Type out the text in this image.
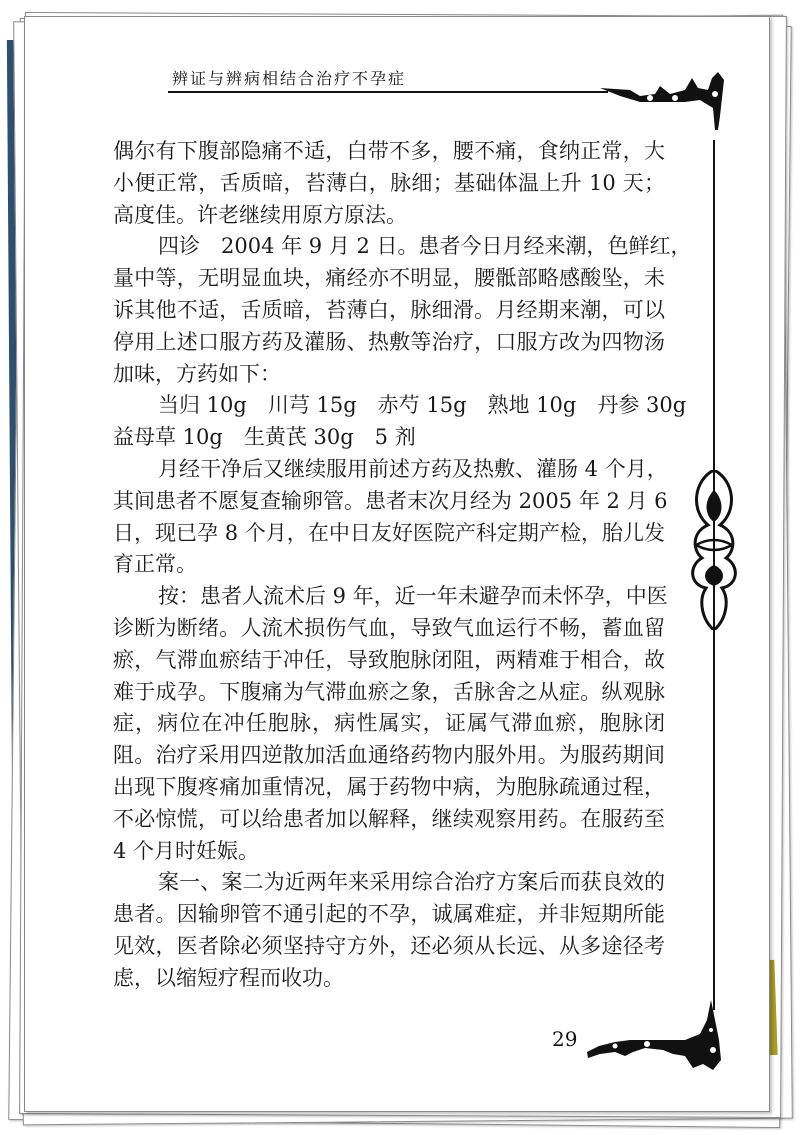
辨证与辨病相结合治疗不孕症
偶尔有下腹部隐痛不适，白带不多，腰不痛，食纳正常，大
小便正常，舌质暗，苔薄白，脉细；基础体温上升 10 天；
高度佳。许老继续用原方原法。
四诊　2004 年 9 月 2 日。患者今日月经来潮，色鲜红，
量中等，无明显血块，痛经亦不明显，腰骶部略感酸坠，未
诉其他不适，舌质暗，苔薄白，脉细滑。月经期来潮，可以
停用上述口服方药及灌肠、热敷等治疗，口服方改为四物汤
加味，方药如下：
当归 10g　川芎 15g　赤芍 15g　熟地 10g　丹参 30g
益母草 10g　生黄芪 30g　5 剂
月经干净后又继续服用前述方药及热敷、灌肠 4 个月，
其间患者不愿复查输卵管。患者末次月经为 2005 年 2 月 6
日，现已孕 8 个月，在中日友好医院产科定期产检，胎儿发
育正常。
按：患者人流术后 9 年，近一年未避孕而未怀孕，中医
诊断为断绪。人流术损伤气血，导致气血运行不畅，蓄血留
瘀，气滞血瘀结于冲任，导致胞脉闭阻，两精难于相合，故
难于成孕。下腹痛为气滞血瘀之象，舌脉舍之从症。纵观脉
症，病位在冲任胞脉，病性属实，证属气滞血瘀，胞脉闭
阻。治疗采用四逆散加活血通络药物内服外用。为服药期间
出现下腹疼痛加重情况，属于药物中病，为胞脉疏通过程，
不必惊慌，可以给患者加以解释，继续观察用药。在服药至
4 个月时妊娠。
案一、案二为近两年来采用综合治疗方案后而获良效的
患者。因输卵管不通引起的不孕，诚属难症，并非短期所能
见效，医者除必须坚持守方外，还必须从长远、从多途径考
虑，以缩短疗程而收功。
29
